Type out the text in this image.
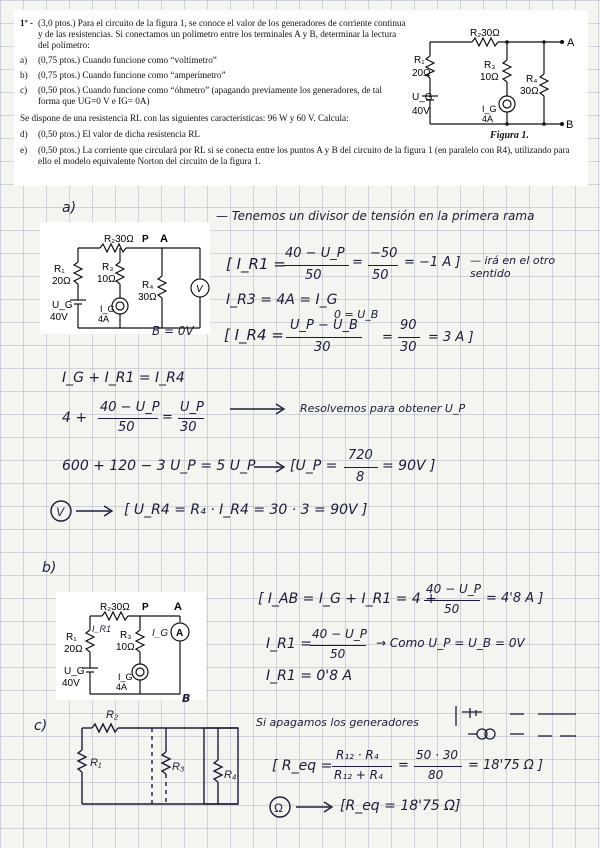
1º - (3,0 ptos.) Para el circuito de la figura 1, se conoce el valor de los generadores de corriente continua y de las resistencias. Si conectamos un polímetro entre los terminales A y B, determinar la lectura del polímetro:
a) (0,75 ptos.) Cuando funcione como “voltímetro”
b) (0,75 ptos.) Cuando funcione como “amperímetro”
c) (0,50 ptos.) Cuando funcione como “óhmetro” (apagando previamente los generadores, de tal forma que UG=0 V e IG= 0A)
Se dispone de una resistencia RL con las siguientes características: 96 W y 60 V. Calcula:
d) (0,50 ptos.) El valor de dicha resistencia RL
e) (0,50 ptos.) La corriente que circulará por RL si se conecta entre los puntos A y B del circuito de la figura 1 (en paralelo con R4), utilizando para ello el modelo equivalente Norton del circuito de la figura 1.
R₂30Ω
R₁
20Ω
R₃
10Ω	R₄
30Ω
U_G
40V	I_G
4A
A
B
Figura 1.
a)
R₂30Ω P A
R₁
20Ω
R₃
10Ω
R₄
30Ω
U_G
40V
I_G
4A
V
B = 0V
— Tenemos un divisor de tensión en la primera rama
[ I_R1 =
40 − U_P
50
=
−50
50
= −1 A ] — irá en el otro sentido
I_R3 = 4A = I_G
[ I_R4 =
U_P − U_B
0 = U_B
30
=
90
30
= 3 A ]
I_G + I_R1 = I_R4
4 +
40 − U_P
50
=
U_P
30
Resolvemos para obtener U_P
600 + 120 − 3 U_P = 5 U_P [U_P =
720
8
= 90V ]
V	[ U_R4 = R₄ · I_R4 = 30 · 3 = 90V ]
b)
R₂30Ω P A
R₁
20Ω
R₃
10Ω
U_G
40V
I_G
4A
A
I_R1	I_G
B
[ I_AB = I_G + I_R1 = 4 +
40 − U_P
50
= 4'8 A ]
I_R1 =
40 − U_P
50
→ Como U_P = U_B = 0V
I_R1 = 0'8 A
c)
R₂
R₁	R₃
R₄
Si apagamos los generadores
[ R_eq =
R₁₂ · R₄
R₁₂ + R₄
=
50 · 30
80
= 18'75 Ω ]
Ω	[R_eq = 18'75 Ω]
